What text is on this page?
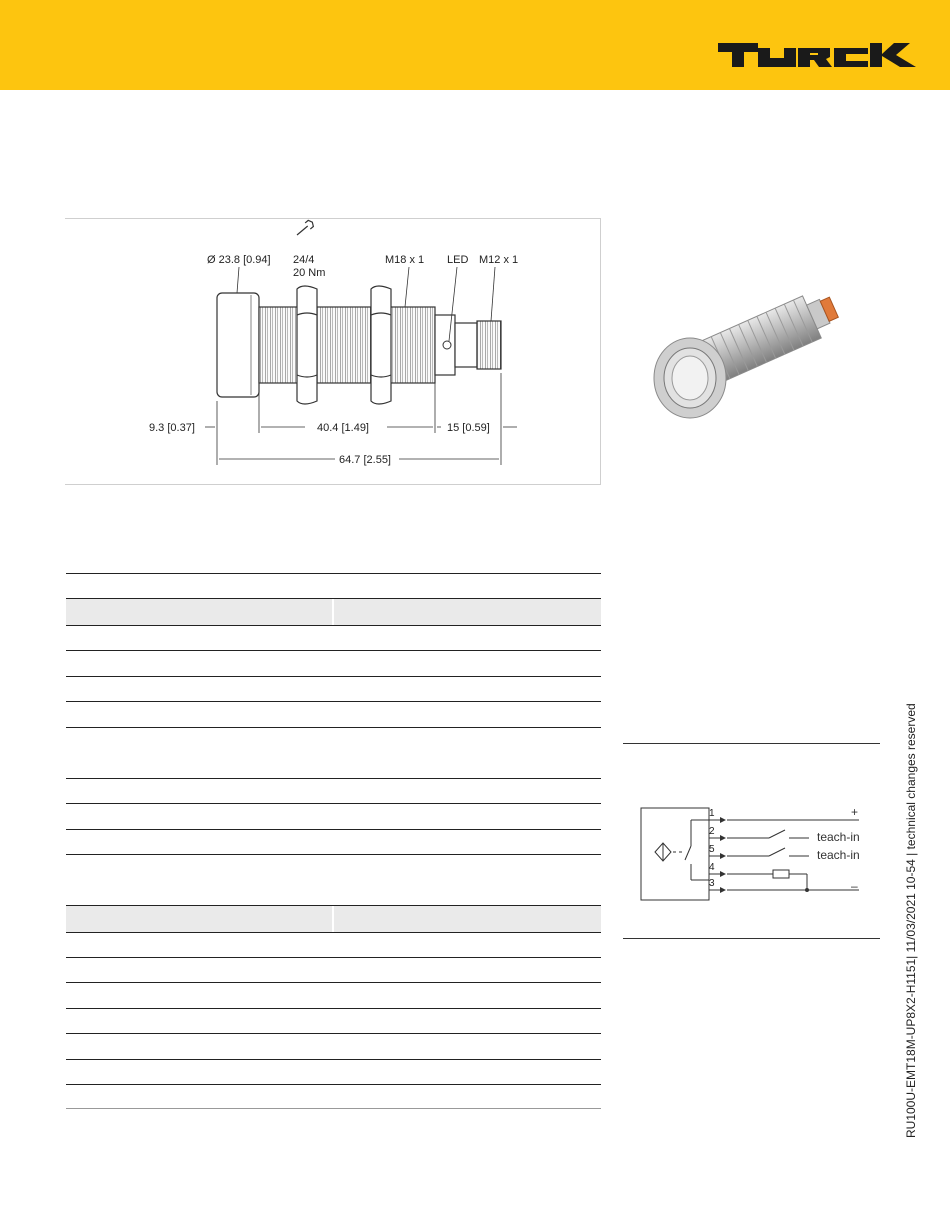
Ø 23.8 [0.94] 24/4
20 Nm
M18 x 1 LED M12 x 1
9.3 [0.37]	40.4 [1.49]	15 [0.59]
64.7 [2.55]
1
2
5
4
3
+
teach-in
teach-in
–	RU100U-EMT18M-UP8X2-H1151| 11/03/2021 10-54 | technical changes reserved
